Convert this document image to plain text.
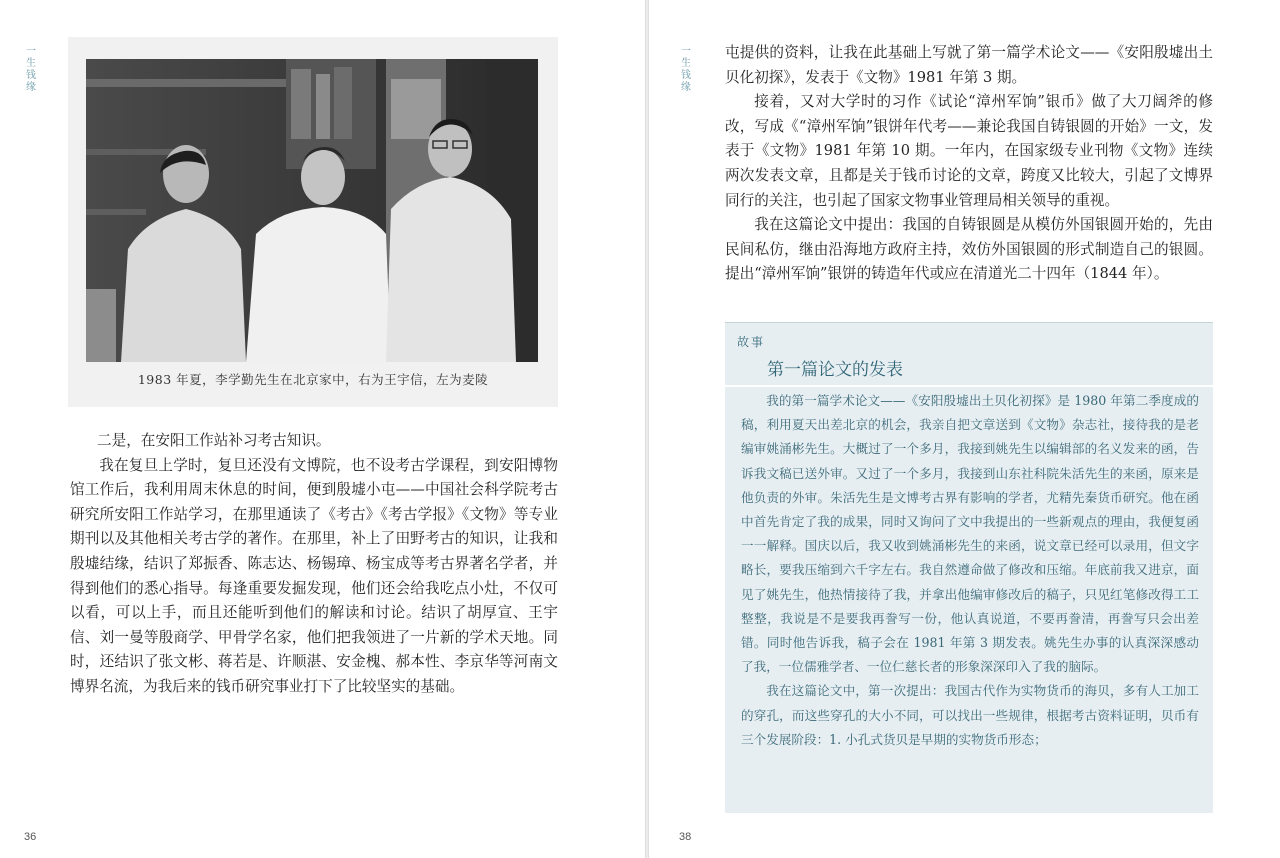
一生钱缘
1983 年夏，李学勤先生在北京家中，右为王宇信，左为麦陵

二是，在安阳工作站补习考古知识。

我在复旦上学时，复旦还没有文博院，也不设考古学课程，到安阳博物馆工作后，我利用周末休息的时间，便到殷墟小屯——中国社会科学院考古研究所安阳工作站学习，在那里通读了《考古》《考古学报》《文物》等专业期刊以及其他相关考古学的著作。在那里，补上了田野考古的知识，让我和殷墟结缘，结识了郑振香、陈志达、杨锡璋、杨宝成等考古界著名学者，并得到他们的悉心指导。每逢重要发掘发现，他们还会给我吃点小灶，不仅可以看，可以上手，而且还能听到他们的解读和讨论。结识了胡厚宣、王宇信、刘一曼等殷商学、甲骨学名家，他们把我领进了一片新的学术天地。同时，还结识了张文彬、蒋若是、许顺湛、安金槐、郝本性、李京华等河南文博界名流，为我后来的钱币研究事业打下了比较坚实的基础。

36
一生钱缘
38

屯提供的资料，让我在此基础上写就了第一篇学术论文——《安阳殷墟出土贝化初探》，发表于《文物》1981 年第 3 期。

接着，又对大学时的习作《试论“漳州军饷”银币》做了大刀阔斧的修改，写成《“漳州军饷”银饼年代考——兼论我国自铸银圆的开始》一文，发表于《文物》1981 年第 10 期。一年内，在国家级专业刊物《文物》连续两次发表文章，且都是关于钱币讨论的文章，跨度又比较大，引起了文博界同行的关注，也引起了国家文物事业管理局相关领导的重视。

我在这篇论文中提出：我国的自铸银圆是从模仿外国银圆开始的，先由民间私仿，继由沿海地方政府主持，效仿外国银圆的形式制造自己的银圆。提出“漳州军饷”银饼的铸造年代或应在清道光二十四年（1844 年）。

故事
第一篇论文的发表

我的第一篇学术论文——《安阳殷墟出土贝化初探》是 1980 年第二季度成的稿，利用夏天出差北京的机会，我亲自把文章送到《文物》杂志社，接待我的是老编审姚涌彬先生。大概过了一个多月，我接到姚先生以编辑部的名义发来的函，告诉我文稿已送外审。又过了一个多月，我接到山东社科院朱活先生的来函，原来是他负责的外审。朱活先生是文博考古界有影响的学者，尤精先秦货币研究。他在函中首先肯定了我的成果，同时又询问了文中我提出的一些新观点的理由，我便复函一一解释。国庆以后，我又收到姚涌彬先生的来函，说文章已经可以录用，但文字略长，要我压缩到六千字左右。我自然遵命做了修改和压缩。年底前我又进京，面见了姚先生，他热情接待了我，并拿出他编审修改后的稿子，只见红笔修改得工工整整，我说是不是要我再誊写一份，他认真说道，不要再誊清，再誊写只会出差错。同时他告诉我，稿子会在 1981 年第 3 期发表。姚先生办事的认真深深感动了我，一位儒雅学者、一位仁慈长者的形象深深印入了我的脑际。

我在这篇论文中，第一次提出：我国古代作为实物货币的海贝，多有人工加工的穿孔，而这些穿孔的大小不同，可以找出一些规律，根据考古资料证明，贝币有三个发展阶段：1. 小孔式货贝是早期的实物货币形态；
